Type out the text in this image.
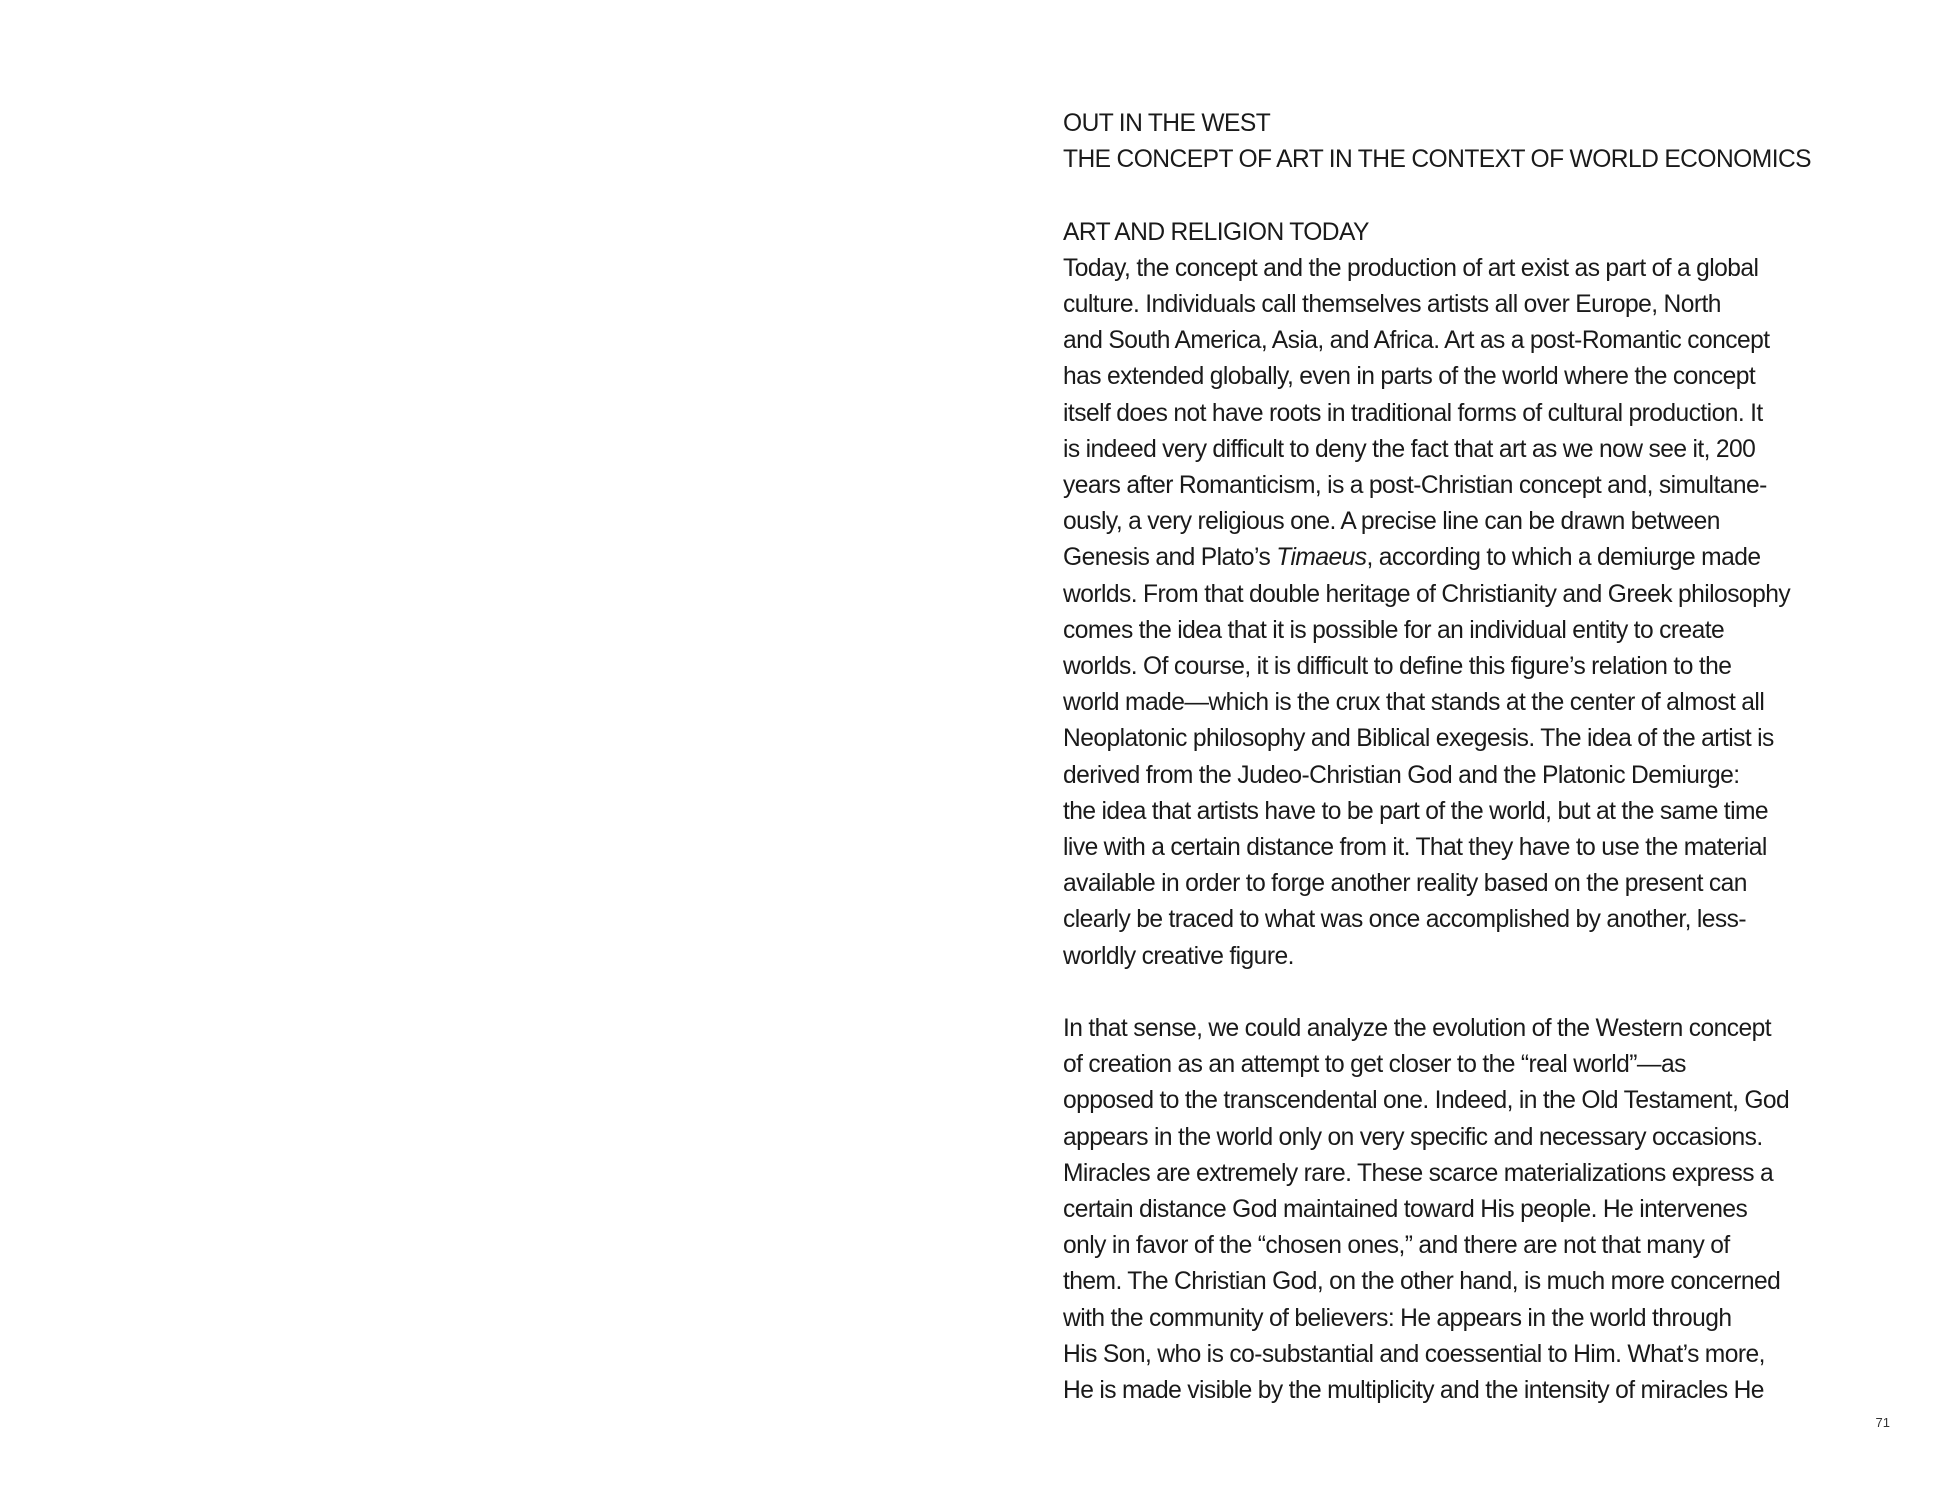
OUT IN THE WEST

THE CONCEPT OF ART IN THE CONTEXT OF WORLD ECONOMICS

ART AND RELIGION TODAY

Today, the concept and the production of art exist as part of a global

culture. Individuals call themselves artists all over Europe, North

and South America, Asia, and Africa. Art as a post-Romantic concept

has extended globally, even in parts of the world where the concept

itself does not have roots in traditional forms of cultural production. It

is indeed very difficult to deny the fact that art as we now see it, 200

years after Romanticism, is a post-Christian concept and, simultane-

ously, a very religious one. A precise line can be drawn between

Genesis and Plato’s Timaeus, according to which a demiurge made

worlds. From that double heritage of Christianity and Greek philosophy

comes the idea that it is possible for an individual entity to create

worlds. Of course, it is difficult to define this figure’s relation to the

world made—which is the crux that stands at the center of almost all

Neoplatonic philosophy and Biblical exegesis. The idea of the artist is

derived from the Judeo-Christian God and the Platonic Demiurge:

the idea that artists have to be part of the world, but at the same time

live with a certain distance from it. That they have to use the material

available in order to forge another reality based on the present can

clearly be traced to what was once accomplished by another, less-

worldly creative figure.

In that sense, we could analyze the evolution of the Western concept

of creation as an attempt to get closer to the “real world”—as

opposed to the transcendental one. Indeed, in the Old Testament, God

appears in the world only on very specific and necessary occasions.

Miracles are extremely rare. These scarce materializations express a

certain distance God maintained toward His people. He intervenes

only in favor of the “chosen ones,” and there are not that many of

them. The Christian God, on the other hand, is much more concerned

with the community of believers: He appears in the world through

His Son, who is co-substantial and coessential to Him. What’s more,

He is made visible by the multiplicity and the intensity of miracles He

71
